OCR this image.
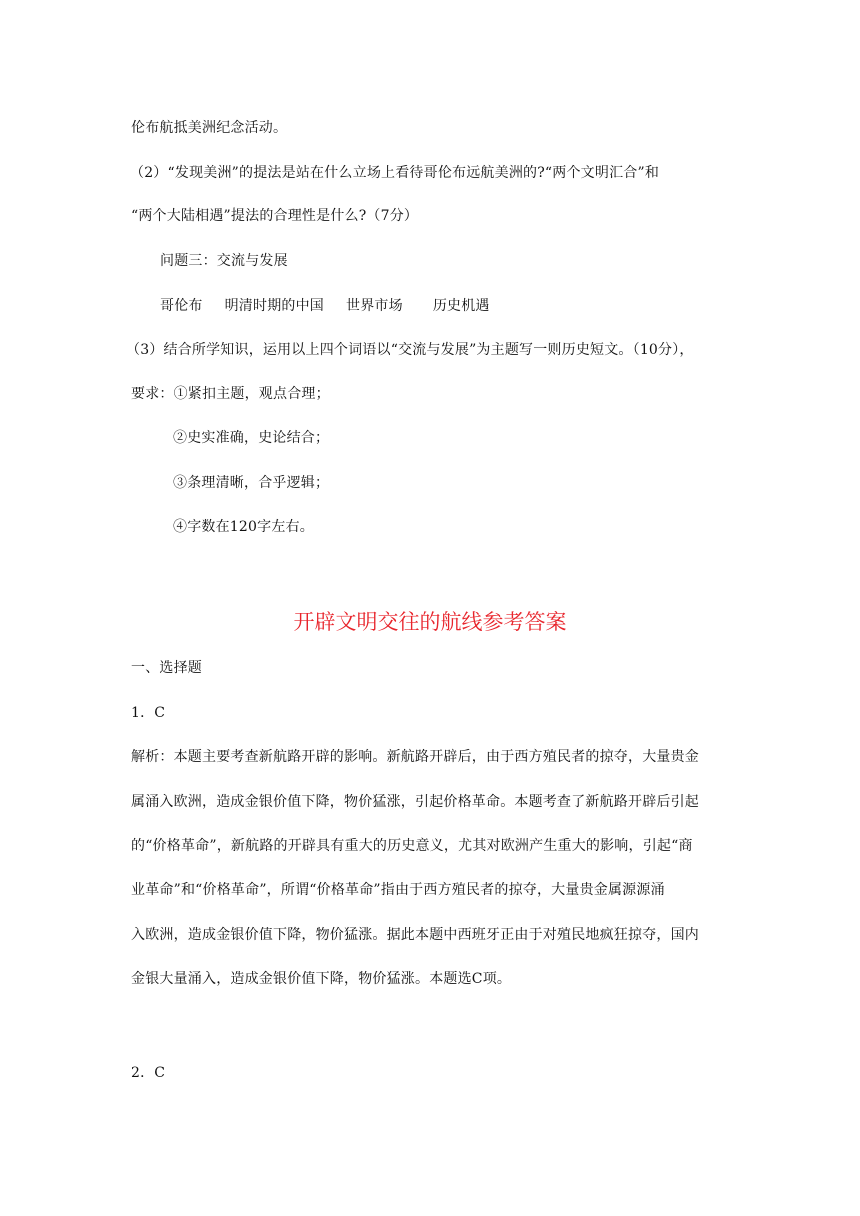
伦布航抵美洲纪念活动。
（2）“发现美洲”的提法是站在什么立场上看待哥伦布远航美洲的?“两个文明汇合”和
“两个大陆相遇”提法的合理性是什么?（7分）
问题三：交流与发展
哥伦布 明清时期的中国 世界市场 历史机遇
（3）结合所学知识，运用以上四个词语以“交流与发展”为主题写一则历史短文。（10分），
要求：①紧扣主题，观点合理；
②史实准确，史论结合；
③条理清晰，合乎逻辑；
④字数在120字左右。
开辟文明交往的航线参考答案
一、选择题
1．C
解析：本题主要考查新航路开辟的影响。新航路开辟后，由于西方殖民者的掠夺，大量贵金
属涌入欧洲，造成金银价值下降，物价猛涨，引起价格革命。本题考查了新航路开辟后引起
的“价格革命”，新航路的开辟具有重大的历史意义，尤其对欧洲产生重大的影响，引起“商
业革命”和“价格革命”，所谓“价格革命”指由于西方殖民者的掠夺，大量贵金属源源涌
入欧洲，造成金银价值下降，物价猛涨。据此本题中西班牙正由于对殖民地疯狂掠夺，国内
金银大量涌入，造成金银价值下降，物价猛涨。本题选C项。
2．C
